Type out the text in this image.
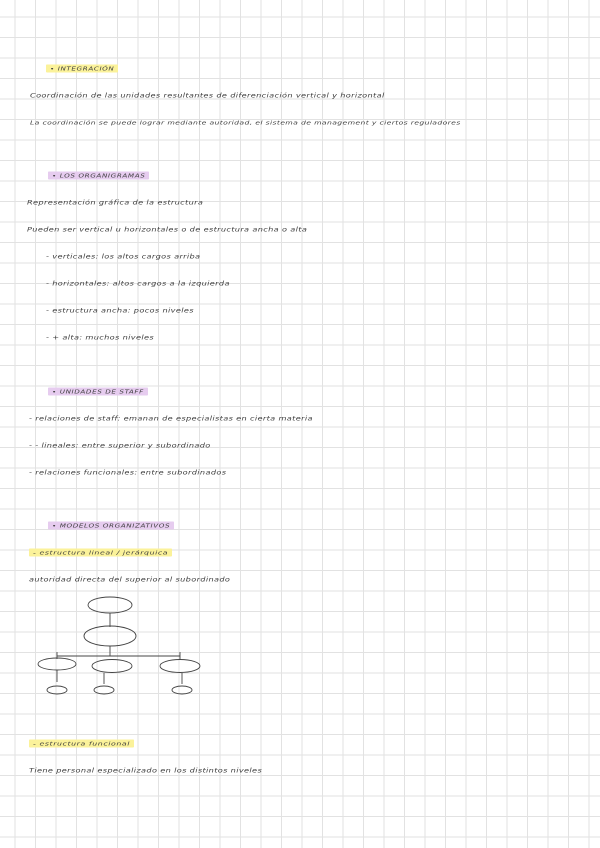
• INTEGRACIÓN
Coordinación de las unidades resultantes de diferenciación vertical y horizontal
La coordinación se puede lograr mediante autoridad, el sistema de management y ciertos reguladores
• LOS ORGANIGRAMAS
Representación gráfica de la estructura
Pueden ser vertical u horizontales o de estructura ancha o alta
- verticales: los altos cargos arriba
- horizontales: altos cargos a la izquierda
- estructura ancha: pocos niveles
- + alta: muchos niveles
• UNIDADES DE STAFF
- relaciones de staff: emanan de especialistas en cierta materia
- - lineales: entre superior y subordinado
- relaciones funcionales: entre subordinados
• MODELOS ORGANIZATIVOS
- estructura lineal / jerárquica
autoridad directa del superior al subordinado
- estructura funcional
Tiene personal especializado en los distintos niveles
